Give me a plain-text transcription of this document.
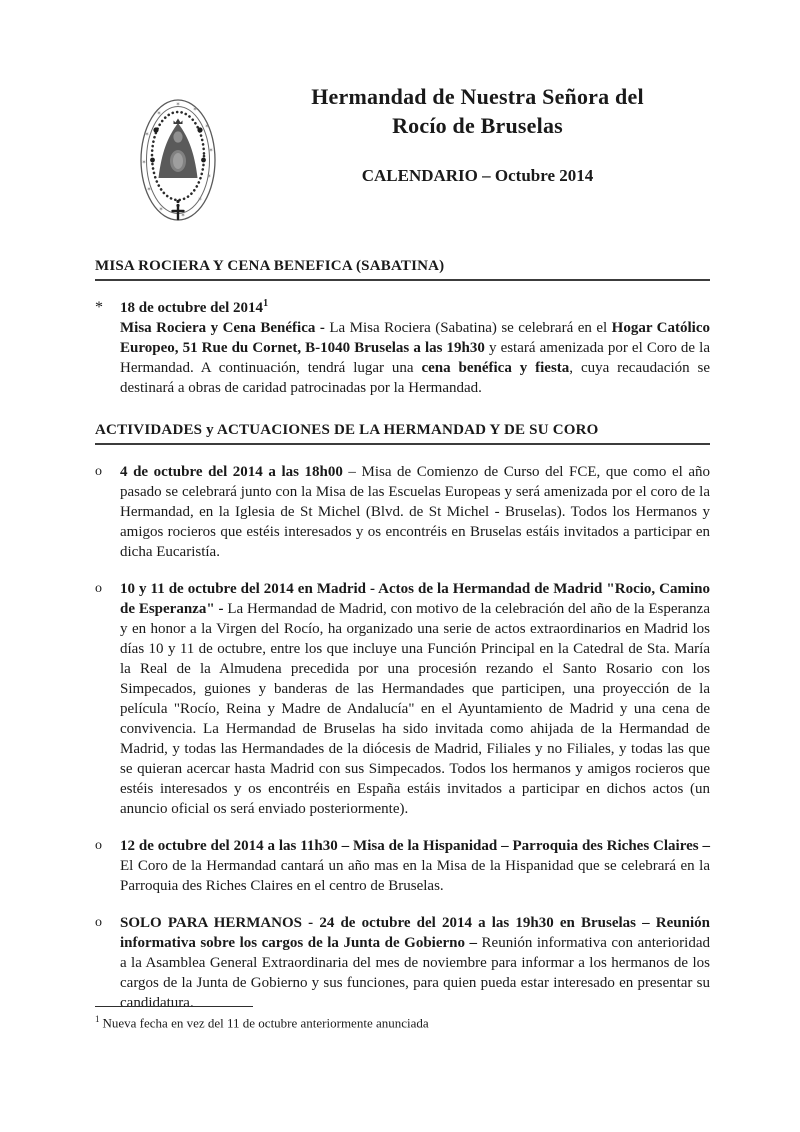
✶
✶
✶
✶
✶
✶
✶
✶
✶
✶
✶
✶
Hermandad de Nuestra Señora del
Rocío de Bruselas
CALENDARIO – Octubre 2014
MISA ROCIERA Y CENA BENEFICA (SABATINA)
*	18 de octubre del 2014$^1$
Misa Rociera y Cena Benéfica - La Misa Rociera (Sabatina) se celebrará en el Hogar Católico Europeo, 51 Rue du Cornet, B-1040 Bruselas a las 19h30 y estará amenizada por el Coro de la Hermandad. A continuación, tendrá lugar una cena benéfica y fiesta, cuya recaudación se destinará a obras de caridad patrocinadas por la Hermandad.
ACTIVIDADES y ACTUACIONES DE LA HERMANDAD Y DE SU CORO
o	4 de octubre del 2014 a las 18h00 – Misa de Comienzo de Curso del FCE, que como el año pasado se celebrará junto con la Misa de las Escuelas Europeas y será amenizada por el coro de la Hermandad, en la Iglesia de St Michel (Blvd. de St Michel - Bruselas). Todos los Hermanos y amigos rocieros que estéis interesados y os encontréis en Bruselas estáis invitados a participar en dicha Eucaristía.
o	10 y 11 de octubre del 2014 en Madrid - Actos de la Hermandad de Madrid "Rocio, Camino de Esperanza" - La Hermandad de Madrid, con motivo de la celebración del año de la Esperanza y en honor a la Virgen del Rocío, ha organizado una serie de actos extraordinarios en Madrid los días 10 y 11 de octubre, entre los que incluye una Función Principal en la Catedral de Sta. María la Real de la Almudena precedida por una procesión rezando el Santo Rosario con los Simpecados, guiones y banderas de las Hermandades que participen, una proyección de la película "Rocío, Reina y Madre de Andalucía" en el Ayuntamiento de Madrid y una cena de convivencia. La Hermandad de Bruselas ha sido invitada como ahijada de la Hermandad de Madrid, y todas las Hermandades de la diócesis de Madrid, Filiales y no Filiales, y todas las que se quieran acercar hasta Madrid con sus Simpecados. Todos los hermanos y amigos rocieros que estéis interesados y os encontréis en España estáis invitados a participar en dichos actos (un anuncio oficial os será enviado posteriormente).
o	12 de octubre del 2014 a las 11h30 – Misa de la Hispanidad – Parroquia des Riches Claires – El Coro de la Hermandad cantará un año mas en la Misa de la Hispanidad que se celebrará en la Parroquia des Riches Claires en el centro de Bruselas.
o	SOLO PARA HERMANOS - 24 de octubre del 2014 a las 19h30 en Bruselas – Reunión informativa sobre los cargos de la Junta de Gobierno – Reunión informativa con anterioridad a la Asamblea General Extraordinaria del mes de noviembre para informar a los hermanos de los cargos de la Junta de Gobierno y sus funciones, para quien pueda estar interesado en presentar su candidatura.
$^1$ Nueva fecha en vez del 11 de octubre anteriormente anunciada
